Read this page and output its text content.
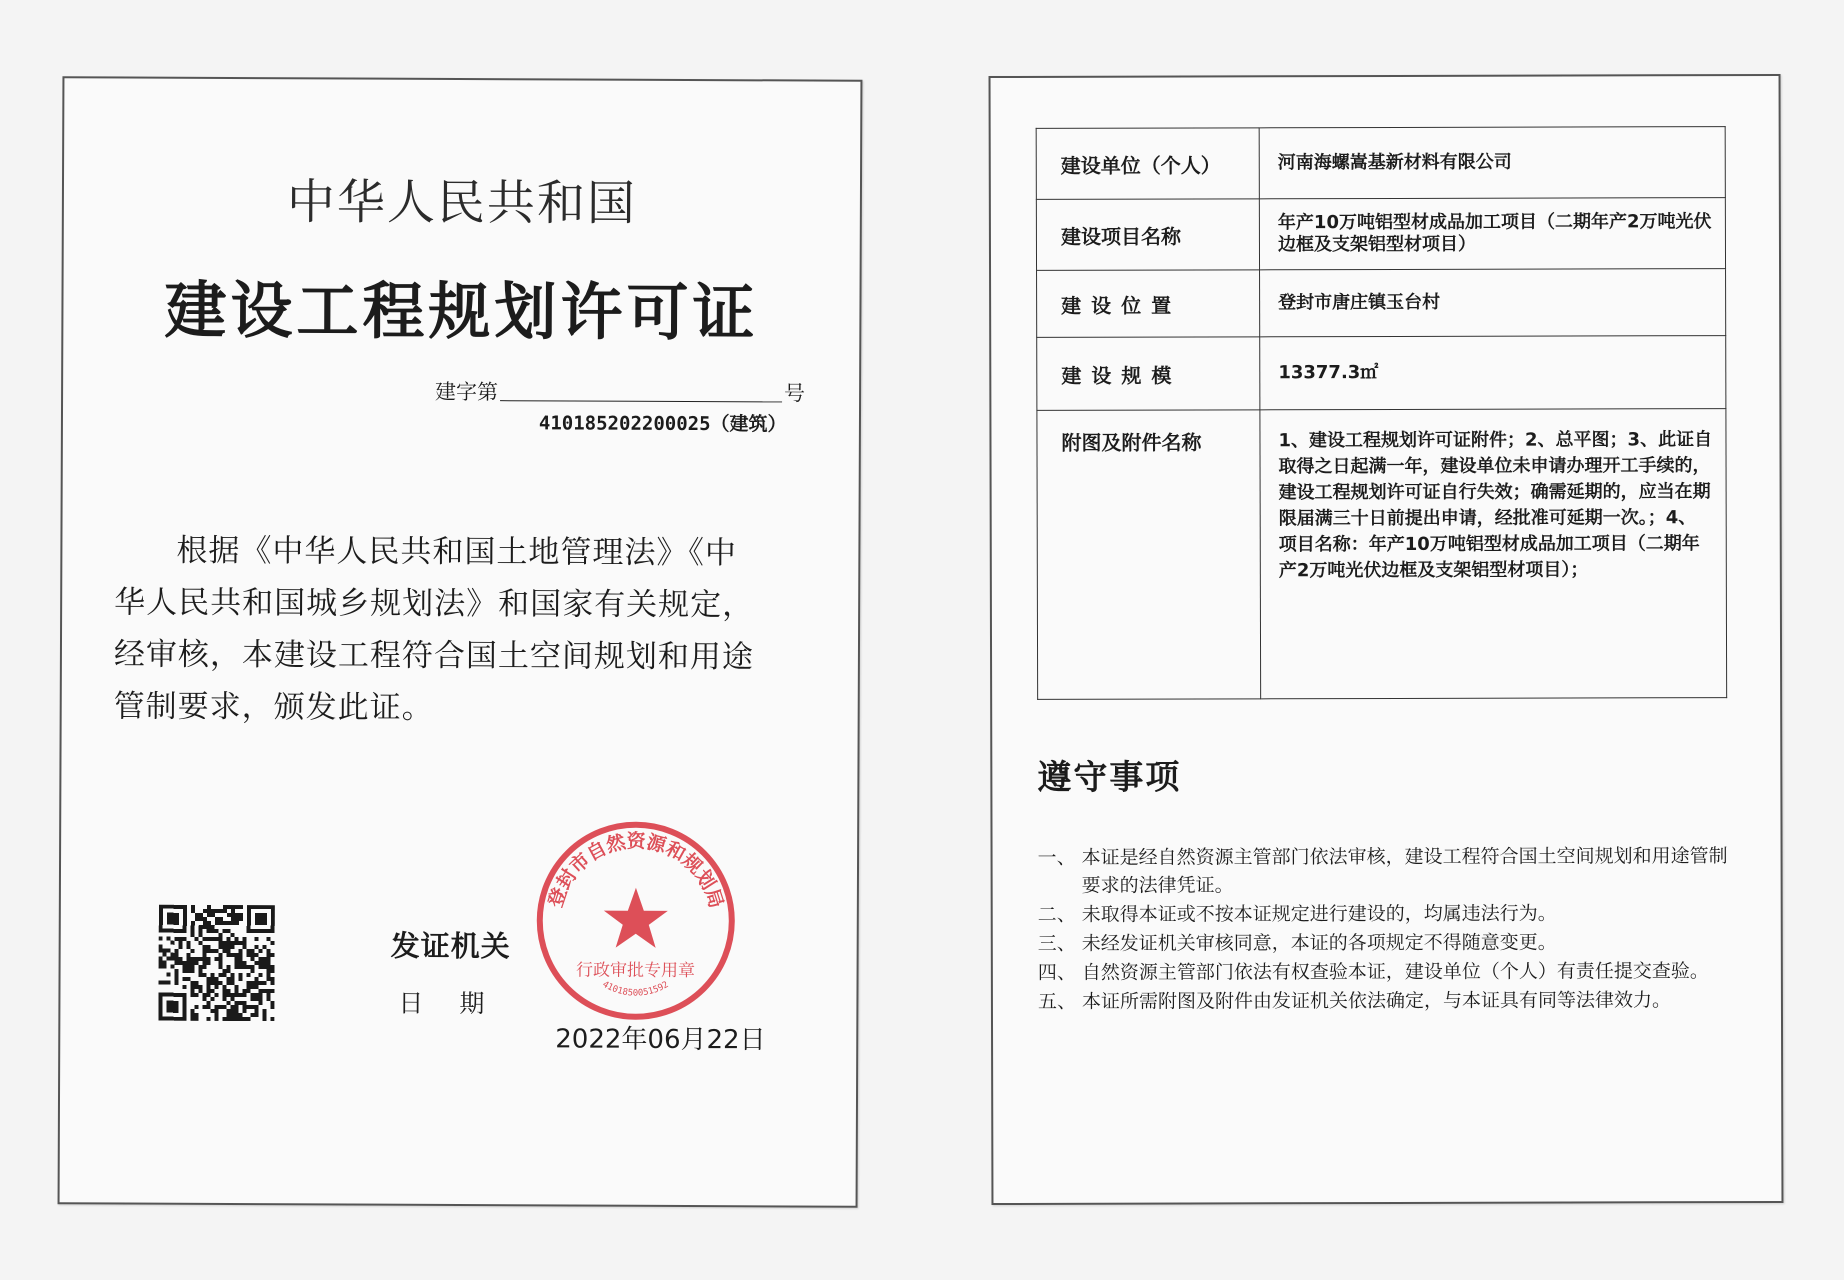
中华人民共和国
建设工程规划许可证
建字第	号
410185202200025（建筑）
根据《中华人民共和国土地管理法》《中
华人民共和国城乡规划法》和国家有关规定，
经审核，本建设工程符合国土空间规划和用途
管制要求，颁发此证。
发证机关
日期
2022年06月22日
登封市自然资源和规划局
行政审批专用章
4101850051592
建设单位（个人）	河南海螺嵩基新材料有限公司
建设项目名称	年产10万吨铝型材成品加工项目（二期年产2万吨光伏边框及支架铝型材项目）
建设位置	登封市唐庄镇玉台村
建设规模	13377.3㎡
附图及附件名称	1、建设工程规划许可证附件；2、总平图；3、此证自取得之日起满一年，建设单位未申请办理开工手续的，建设工程规划许可证自行失效；确需延期的，应当在期限届满三十日前提出申请，经批准可延期一次。；4、项目名称：年产10万吨铝型材成品加工项目（二期年产2万吨光伏边框及支架铝型材项目）；
遵守事项
一、 本证是经自然资源主管部门依法审核，建设工程符合国土空间规划和用途管制要求的法律凭证。
二、 未取得本证或不按本证规定进行建设的，均属违法行为。
三、 未经发证机关审核同意，本证的各项规定不得随意变更。
四、 自然资源主管部门依法有权查验本证，建设单位（个人）有责任提交查验。
五、 本证所需附图及附件由发证机关依法确定，与本证具有同等法律效力。
